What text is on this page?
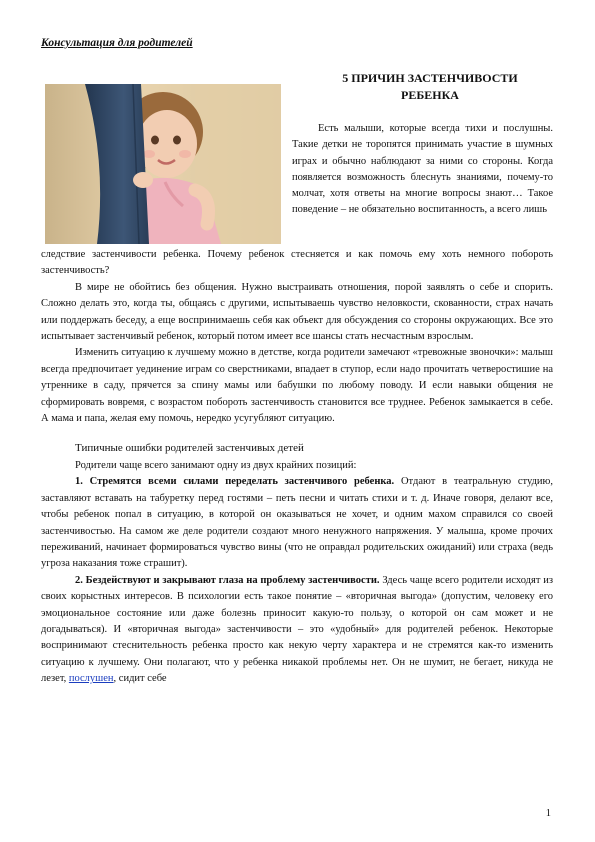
Консультация для родителей
5 ПРИЧИН ЗАСТЕНЧИВОСТИ
РЕБЕНКА

Есть малыши, которые всегда тихи и послушны. Такие детки не торопятся принимать участие в шумных играх и обычно наблюдают за ними со стороны. Когда появляется возможность блеснуть знаниями, почему-то молчат, хотя ответы на многие вопросы знают… Такое поведение – не обязательно воспитанность, а всего лишь

следствие застенчивости ребенка. Почему ребенок стесняется и как помочь ему хоть немного побороть застенчивость?

В мире не обойтись без общения. Нужно выстраивать отношения, порой заявлять о себе и спорить. Сложно делать это, когда ты, общаясь с другими, испытываешь чувство неловкости, скованности, страх начать или поддержать беседу, а еще воспринимаешь себя как объект для обсуждения со стороны окружающих. Все это испытывает застенчивый ребенок, который потом имеет все шансы стать несчастным взрослым.

Изменить ситуацию к лучшему можно в детстве, когда родители замечают «тревожные звоночки»: малыш всегда предпочитает уединение играм со сверстниками, впадает в ступор, если надо прочитать четверостишие на утреннике в саду, прячется за спину мамы или бабушки по любому поводу. И если навыки общения не сформировать вовремя, с возрастом побороть застенчивость становится все труднее. Ребенок замыкается в себе. А мама и папа, желая ему помочь, нередко усугубляют ситуацию.

Типичные ошибки родителей застенчивых детей

Родители чаще всего занимают одну из двух крайних позиций:

1. Стремятся всеми силами переделать застенчивого ребенка. Отдают в театральную студию, заставляют вставать на табуретку перед гостями – петь песни и читать стихи и т. д. Иначе говоря, делают все, чтобы ребенок попал в ситуацию, в которой он оказываться не хочет, и одним махом справился со своей застенчивостью. На самом же деле родители создают много ненужного напряжения. У малыша, кроме прочих переживаний, начинает формироваться чувство вины (что не оправдал родительских ожиданий) или страха (ведь угроза наказания тоже страшит).

2. Бездействуют и закрывают глаза на проблему застенчивости. Здесь чаще всего родители исходят из своих корыстных интересов. В психологии есть такое понятие – «вторичная выгода» (допустим, человеку его эмоциональное состояние или даже болезнь приносит какую-то пользу, о которой он сам может и не догадываться). И «вторичная выгода» застенчивости – это «удобный» для родителей ребенок. Некоторые воспринимают стеснительность ребенка просто как некую черту характера и не стремятся как-то изменить ситуацию к лучшему. Они полагают, что у ребенка никакой проблемы нет. Он не шумит, не бегает, никуда не лезет, послушен, сидит себе

1
